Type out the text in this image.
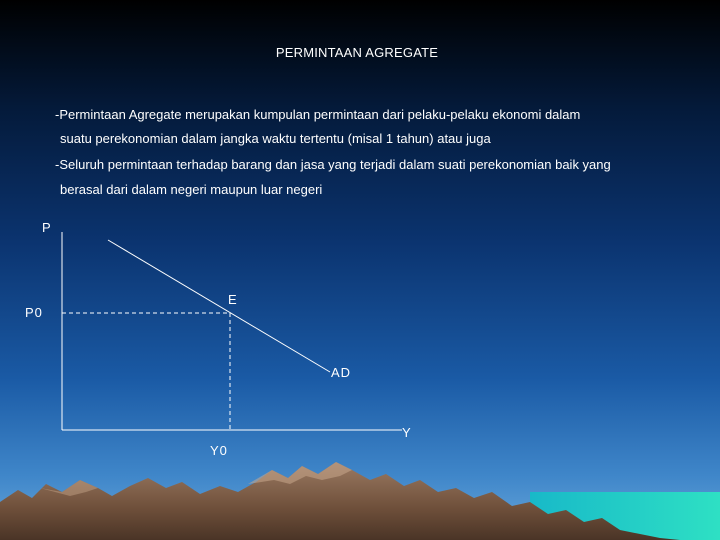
PERMINTAAN AGREGATE
-Permintaan Agregate merupakan kumpulan permintaan dari pelaku-pelaku ekonomi dalam
suatu perekonomian dalam jangka waktu tertentu (misal 1 tahun) atau juga
-Seluruh permintaan terhadap barang dan jasa yang terjadi dalam suati perekonomian baik yang
berasal dari dalam negeri maupun luar negeri
P
P0
E
AD
Y
Y0
